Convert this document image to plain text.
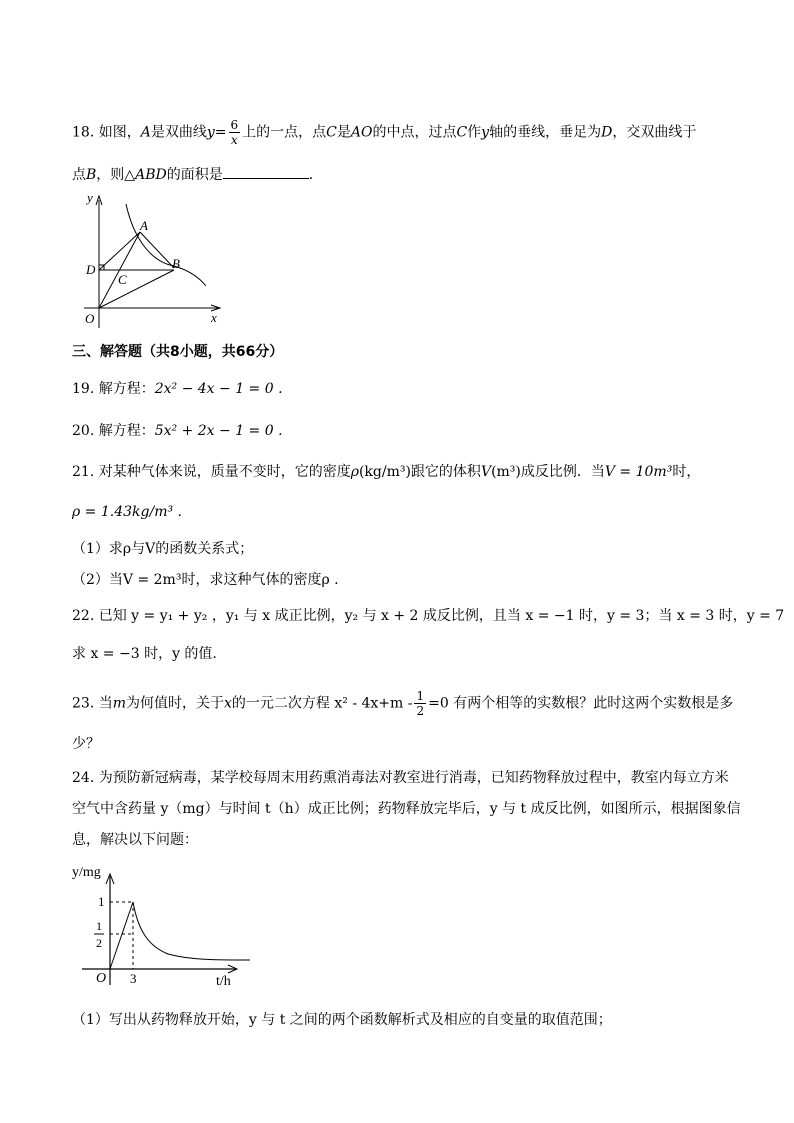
18. 如图，A是双曲线$y= \frac{6}{x}$ 上的一点，点C是AO的中点，过点C作y轴的垂线，垂足为D，交双曲线于
点B，则△ABD的面积是	．
y
x
O
A
B
C
D
三、解答题（共8小题，共66分）
19. 解方程：2x² − 4x − 1 = 0 .
20. 解方程：5x² + 2x − 1 = 0 .
21. 对某种气体来说，质量不变时，它的密度ρ(kg/m³)跟它的体积V(m³)成反比例．当V = 10m³时，
ρ = 1.43kg/m³ .
（1）求ρ与V的函数关系式；
（2）当V = 2m³时，求这种气体的密度ρ .
22. 已知 y = y₁ + y₂ ，y₁ 与 x 成正比例，y₂ 与 x + 2 成反比例，且当 x = −1 时，y = 3；当 x = 3 时，y = 7
求 x = −3 时，y 的值.
23. 当m为何值时，关于x的一元二次方程 $x^2 - 4x+m - \frac{1}{2} =0$ 有两个相等的实数根？此时这两个实数根是多
少？
24. 为预防新冠病毒，某学校每周末用药熏消毒法对教室进行消毒，已知药物释放过程中，教室内每立方米
空气中含药量 y（mg）与时间 t（h）成正比例；药物释放完毕后，y 与 t 成反比例，如图所示，根据图象信
息，解决以下问题：
y/mg
t/h
O
1
1
2
3
（1）写出从药物释放开始，y 与 t 之间的两个函数解析式及相应的自变量的取值范围；
